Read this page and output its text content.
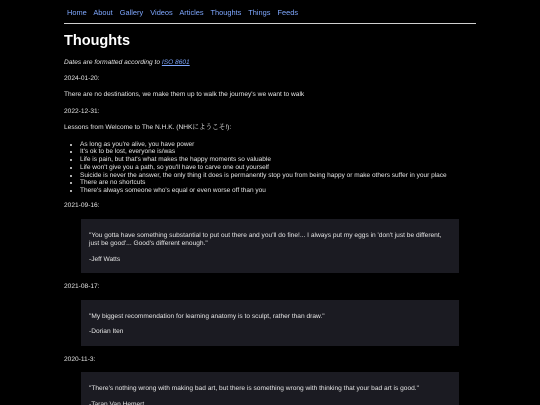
Home About Gallery Videos Articles Thoughts Things Feeds
Thoughts

Dates are formatted according to ISO 8601

2024-01-20:

There are no destinations, we make them up to walk the journey's we want to walk

2022-12-31:

Lessons from Welcome to The N.H.K. (NHKにようこそ!):

• As long as you're alive, you have power
• It's ok to be lost, everyone is/was
• Life is pain, but that's what makes the happy moments so valuable
• Life won't give you a path, so you'll have to carve one out yourself
• Suicide is never the answer, the only thing it does is permanently stop you from being happy or make others suffer in your place
• There are no shortcuts
• There's always someone who's equal or even worse off than you

2021-09-16:

"You gotta have something substantial to put out there and you'll do fine!... I always put my eggs in 'don't just be different, just be good'... Good's different enough."

-Jeff Watts

2021-08-17:

"My biggest recommendation for learning anatomy is to sculpt, rather than draw."

-Dorian Iten

2020-11-3:

"There's nothing wrong with making bad art, but there is something wrong with thinking that your bad art is good."

-Taran Van Hemert
